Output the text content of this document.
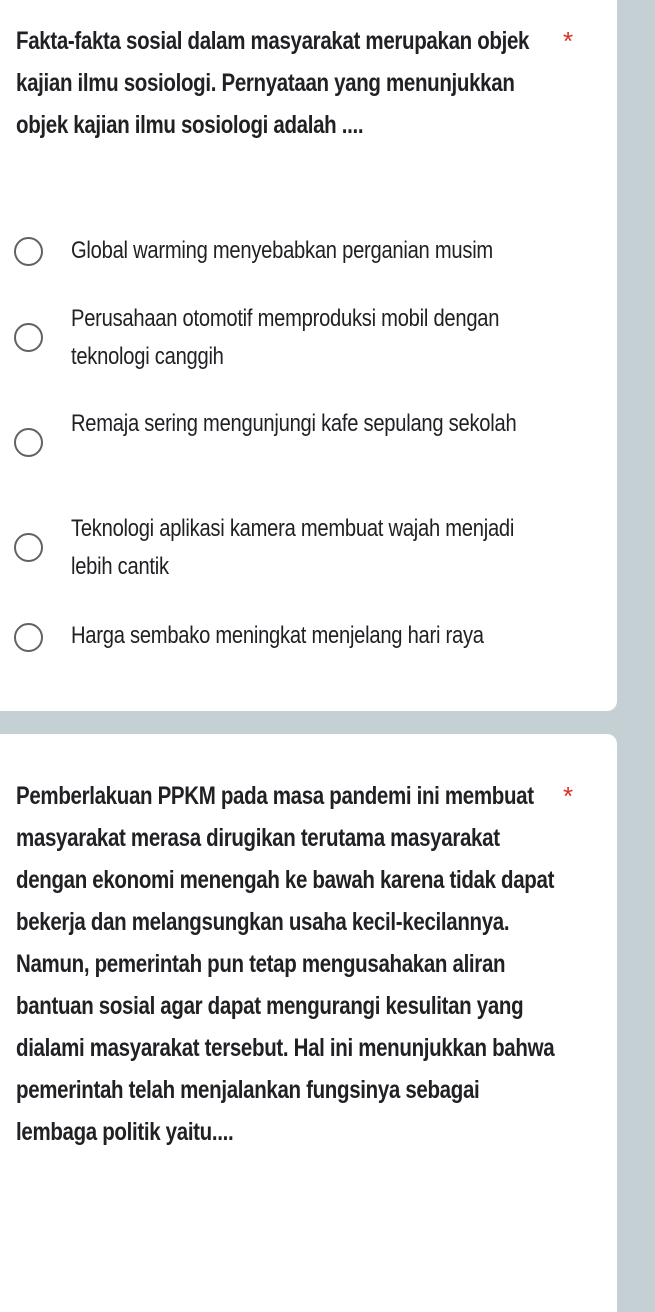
Fakta-fakta sosial dalam masyarakat merupakan objek kajian ilmu sosiologi. Pernyataan yang menunjukkan objek kajian ilmu sosiologi adalah ....
*
Global warming menyebabkan perganian musim
Perusahaan otomotif memproduksi mobil dengan teknologi canggih
Remaja sering mengunjungi kafe sepulang sekolah
Teknologi aplikasi kamera membuat wajah menjadi lebih cantik
Harga sembako meningkat menjelang hari raya
Pemberlakuan PPKM pada masa pandemi ini membuat masyarakat merasa dirugikan terutama masyarakat dengan ekonomi menengah ke bawah karena tidak dapat bekerja dan melangsungkan usaha kecil-kecilannya. Namun, pemerintah pun tetap mengusahakan aliran bantuan sosial agar dapat mengurangi kesulitan yang dialami masyarakat tersebut. Hal ini menunjukkan bahwa pemerintah telah menjalankan fungsinya sebagai lembaga politik yaitu....
*
